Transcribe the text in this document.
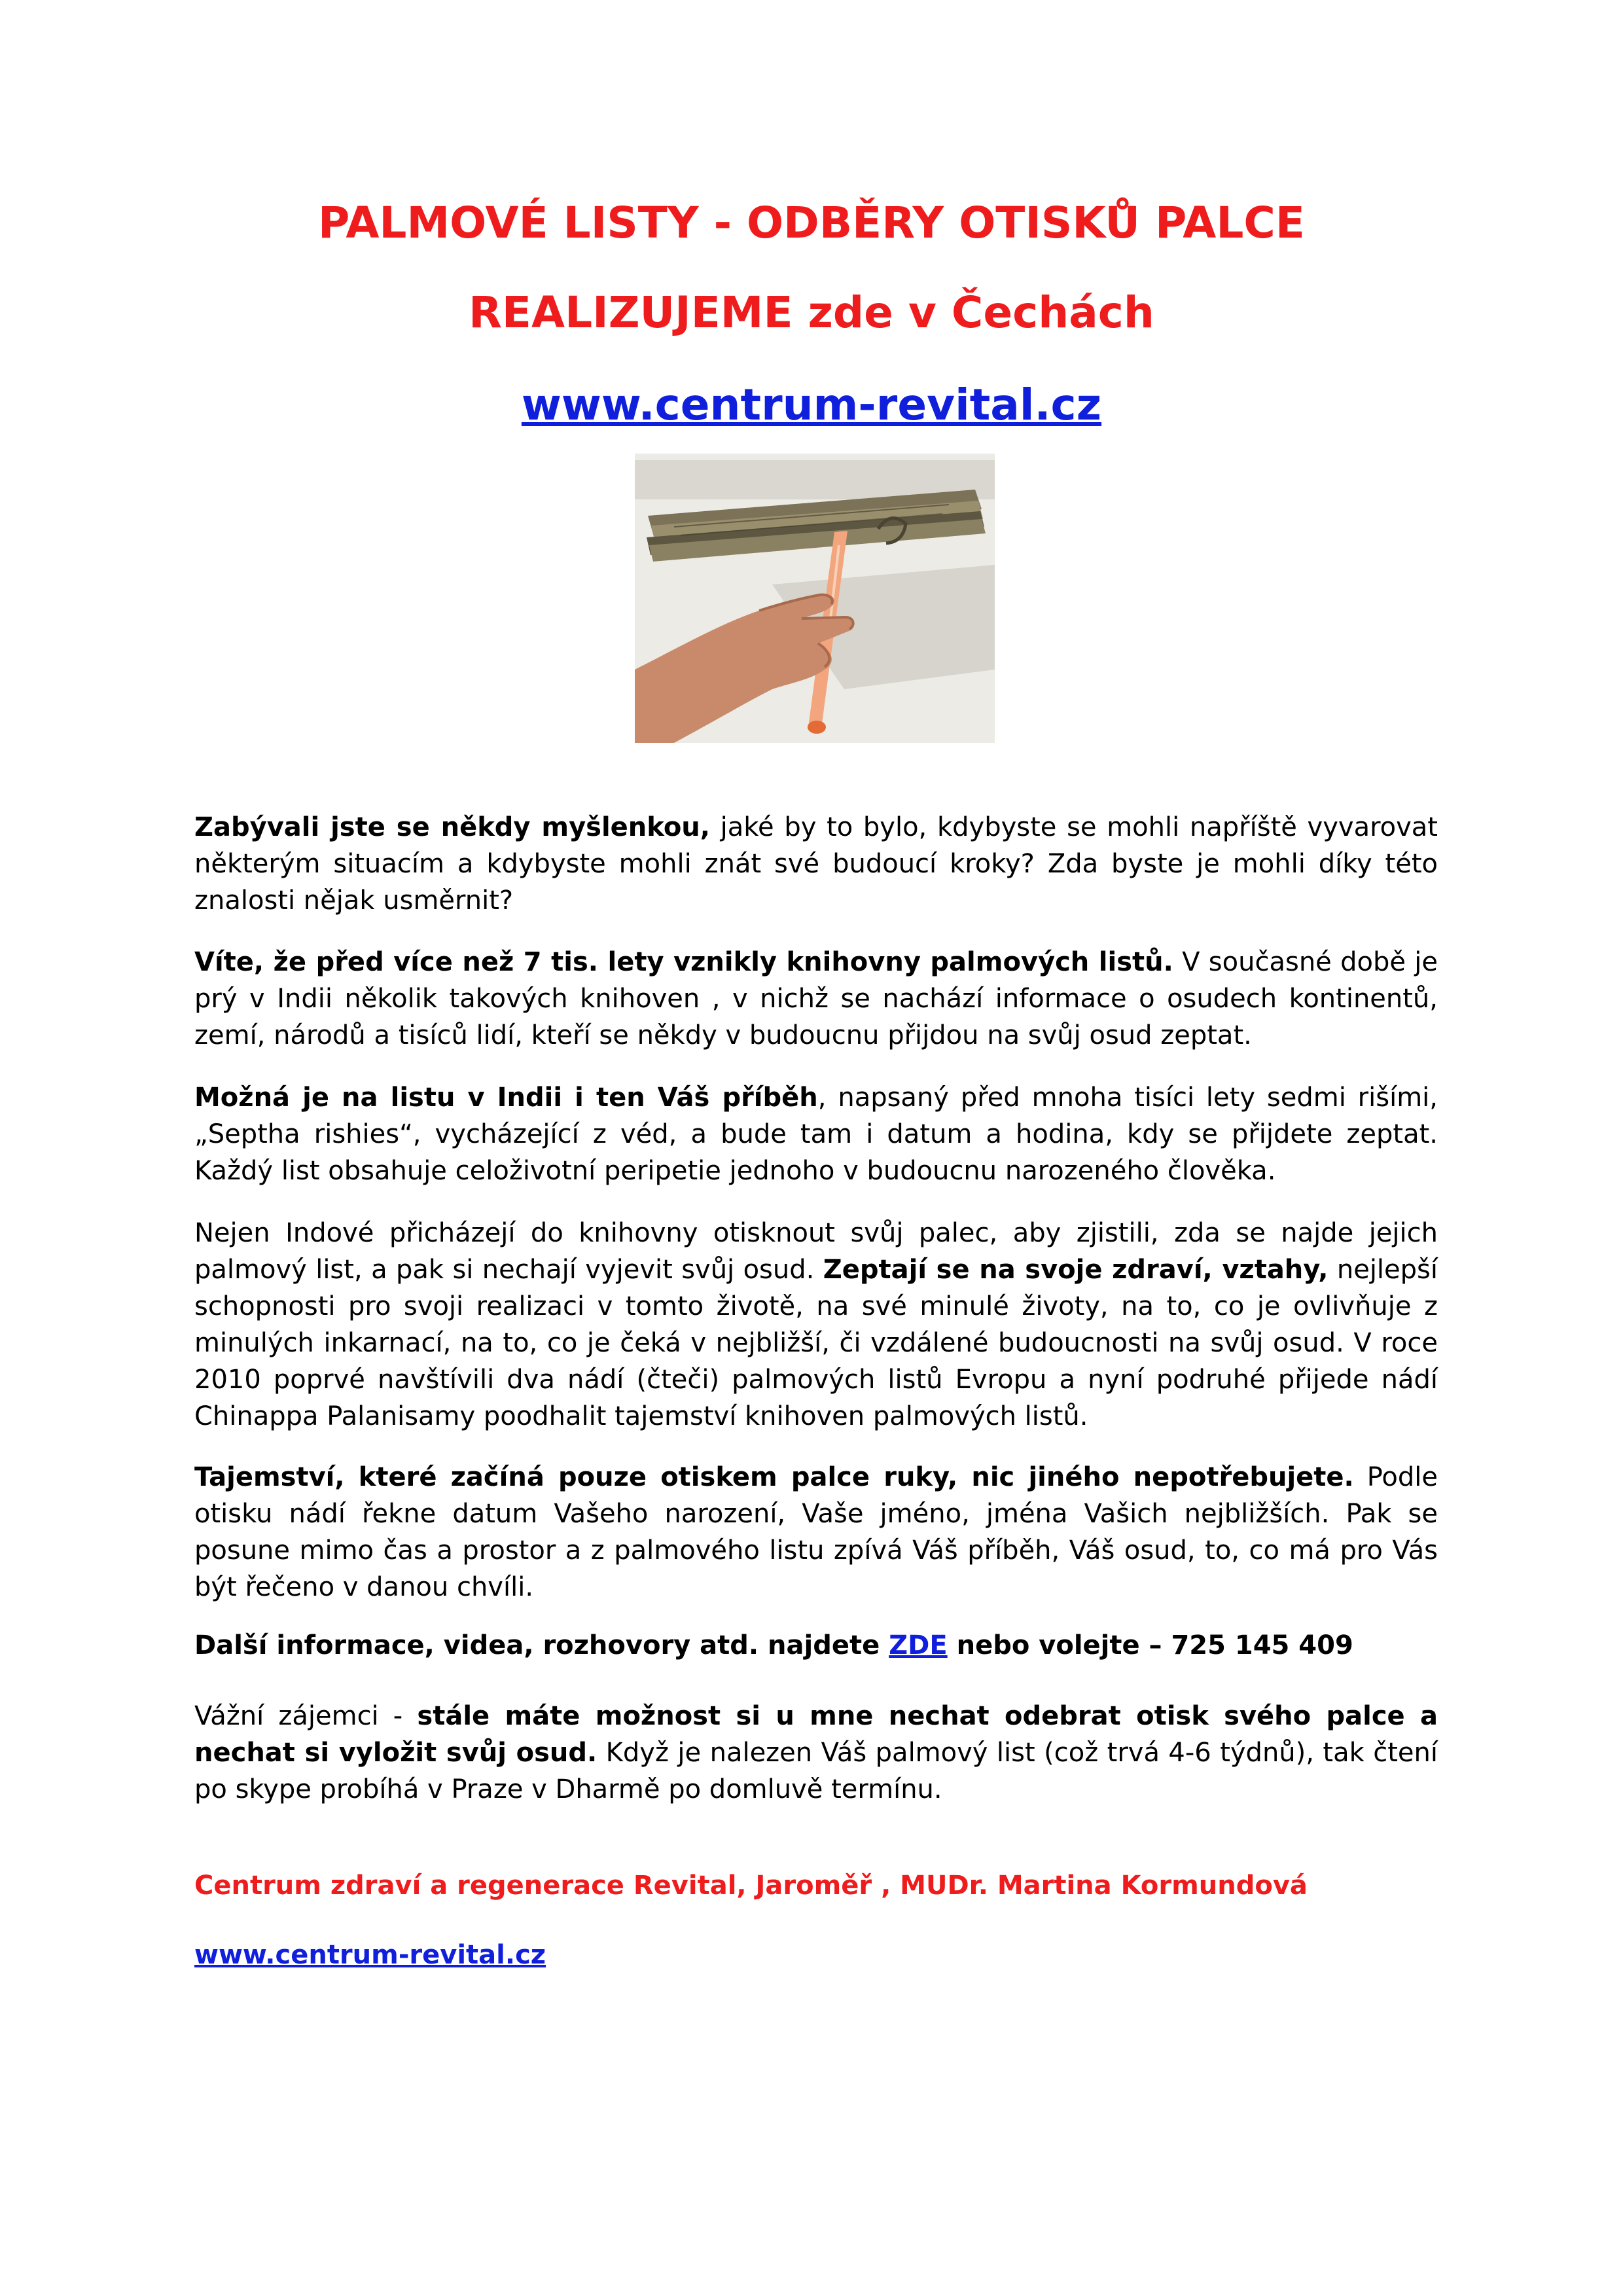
PALMOVÉ LISTY - ODBĚRY OTISKŮ PALCE
REALIZUJEME zde v Čechách
www.centrum-revital.cz

Zabývali jste se někdy myšlenkou, jaké by to bylo, kdybyste se mohli napříště vyvarovat některým situacím a kdybyste mohli znát své budoucí kroky? Zda byste je mohli díky této znalosti nějak usměrnit?

Víte, že před více než 7 tis. lety vznikly knihovny palmových listů. V současné době je prý v Indii několik takových knihoven , v nichž se nachází informace o osudech kontinentů, zemí, národů a tisíců lidí, kteří se někdy v budoucnu přijdou na svůj osud zeptat.

Možná je na listu v Indii i ten Váš příběh, napsaný před mnoha tisíci lety sedmi rišími, „Septha rishies“, vycházející z véd, a bude tam i datum a hodina, kdy se přijdete zeptat. Každý list obsahuje celoživotní peripetie jednoho v budoucnu narozeného člověka.

Nejen Indové přicházejí do knihovny otisknout svůj palec, aby zjistili, zda se najde jejich palmový list, a pak si nechají vyjevit svůj osud. Zeptají se na svoje zdraví, vztahy, nejlepší schopnosti pro svoji realizaci v tomto životě, na své minulé životy, na to, co je ovlivňuje z minulých inkarnací, na to, co je čeká v nejbližší, či vzdálené budoucnosti na svůj osud. V roce 2010 poprvé navštívili dva nádí (čteči) palmových listů Evropu a nyní podruhé přijede nádí Chinappa Palanisamy poodhalit tajemství knihoven palmových listů.

Tajemství, které začíná pouze otiskem palce ruky, nic jiného nepotřebujete. Podle otisku nádí řekne datum Vašeho narození, Vaše jméno, jména Vašich nejbližších. Pak se posune mimo čas a prostor a z palmového listu zpívá Váš příběh, Váš osud, to, co má pro Vás být řečeno v danou chvíli.

Další informace, videa, rozhovory atd. najdete ZDE nebo volejte – 725 145 409

Vážní zájemci - stále máte možnost si u mne nechat odebrat otisk svého palce a nechat si vyložit svůj osud. Když je nalezen Váš palmový list (což trvá 4-6 týdnů), tak čtení po skype probíhá v Praze v Dharmě po domluvě termínu.

Centrum zdraví a regenerace Revital, Jaroměř , MUDr. Martina Kormundová
www.centrum-revital.cz
